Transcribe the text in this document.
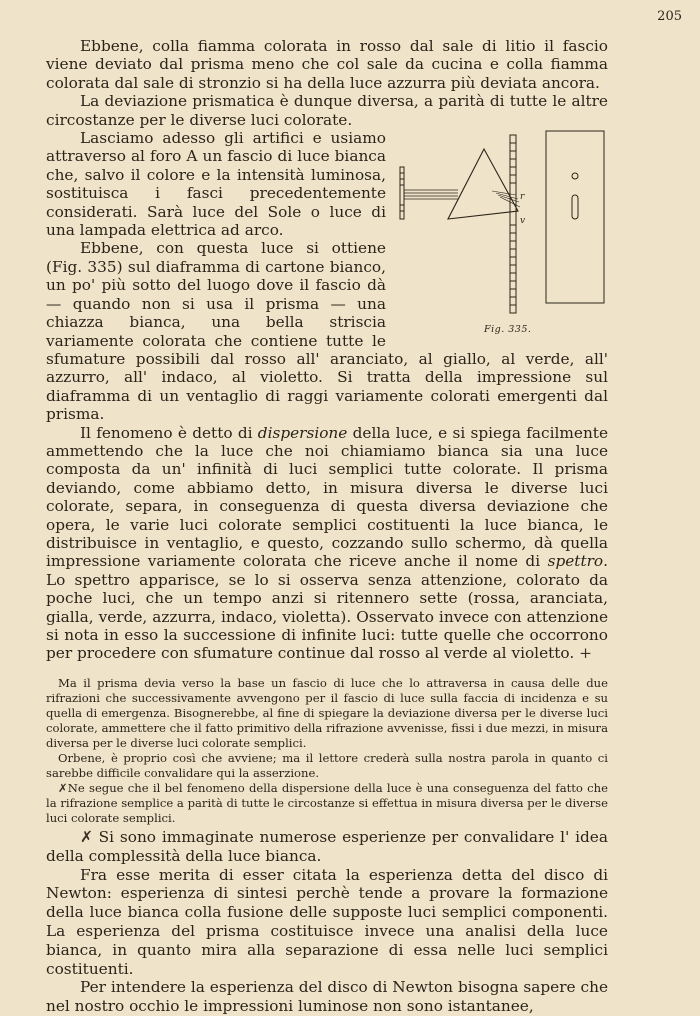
205

Ebbene, colla fiamma colorata in rosso dal sale di litio il fascio viene deviato dal prisma meno che col sale da cucina e colla fiamma colorata dal sale di stronzio si ha della luce azzurra più deviata ancora.

La deviazione prismatica è dunque diversa, a parità di tutte le altre circostanze per le diverse luci colorate.

r
v
Fig. 335.

Lasciamo adesso gli artifici e usiamo attraverso al foro A un fascio di luce bianca che, salvo il colore e la intensità luminosa, sostituisca i fasci precedentemente considerati. Sarà luce del Sole o luce di una lampada elettrica ad arco.

Ebbene, con questa luce si ottiene (Fig. 335) sul diaframma di cartone bianco, un po' più sotto del luogo dove il fascio dà — quando non si usa il prisma — una chiazza bianca, una bella striscia variamente colorata che contiene tutte le sfumature possibili dal rosso all' aranciato, al giallo, al verde, all' azzurro, all' indaco, al violetto. Si tratta della impressione sul diaframma di un ventaglio di raggi variamente colorati emergenti dal prisma.

Il fenomeno è detto di dispersione della luce, e si spiega facilmente ammettendo che la luce che noi chiamiamo bianca sia una luce composta da un' infinità di luci semplici tutte colorate. Il prisma deviando, come abbiamo detto, in misura diversa le diverse luci colorate, separa, in conseguenza di questa diversa deviazione che opera, le varie luci colorate semplici costituenti la luce bianca, le distribuisce in ventaglio, e questo, cozzando sullo schermo, dà quella impressione variamente colorata che riceve anche il nome di spettro. Lo spettro apparisce, se lo si osserva senza attenzione, colorato da poche luci, che un tempo anzi si ritennero sette (rossa, aranciata, gialla, verde, azzurra, indaco, violetta). Osservato invece con attenzione si nota in esso la successione di infinite luci: tutte quelle che occorrono per procedere con sfumature continue dal rosso al verde al violetto. +

Ma il prisma devia verso la base un fascio di luce che lo attraversa in causa delle due rifrazioni che successivamente avvengono per il fascio di luce sulla faccia di incidenza e su quella di emergenza. Bisognerebbe, al fine di spiegare la deviazione diversa per le diverse luci colorate, ammettere che il fatto primitivo della rifrazione avvenisse, fissi i due mezzi, in misura diversa per le diverse luci colorate semplici.

Orbene, è proprio così che avviene; ma il lettore crederà sulla nostra parola in quanto ci sarebbe difficile convalidare qui la asserzione.

✗Ne segue che il bel fenomeno della dispersione della luce è una conseguenza del fatto che la rifrazione semplice a parità di tutte le circostanze si effettua in misura diversa per le diverse luci colorate semplici.

✗ Si sono immaginate numerose esperienze per convalidare l' idea della complessità della luce bianca.

Fra esse merita di esser citata la esperienza detta del disco di Newton: esperienza di sintesi perchè tende a provare la formazione della luce bianca colla fusione delle supposte luci semplici componenti. La esperienza del prisma costituisce invece una analisi della luce bianca, in quanto mira alla separazione di essa nelle luci semplici costituenti.

Per intendere la esperienza del disco di Newton bisogna sapere che nel nostro occhio le impressioni luminose non sono istantanee,
